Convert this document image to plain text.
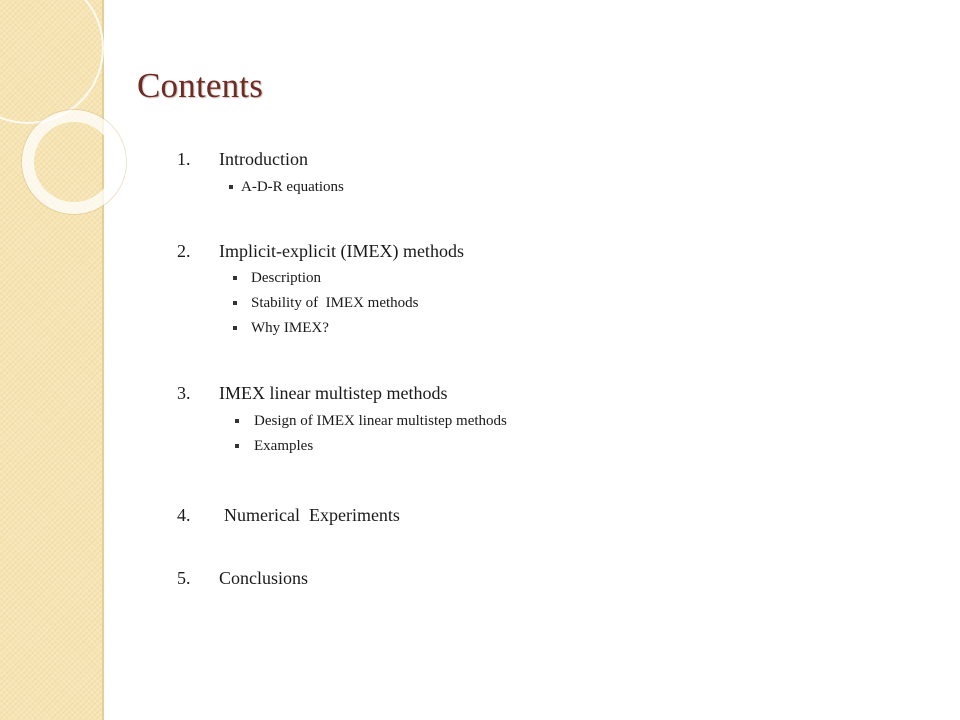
Contents
1. Introduction
A-D-R equations
2. Implicit-explicit (IMEX) methods
Description
Stability of  IMEX methods
Why IMEX?
3. IMEX linear multistep methods
Design of IMEX linear multistep methods
Examples
4. Numerical  Experiments
5. Conclusions
